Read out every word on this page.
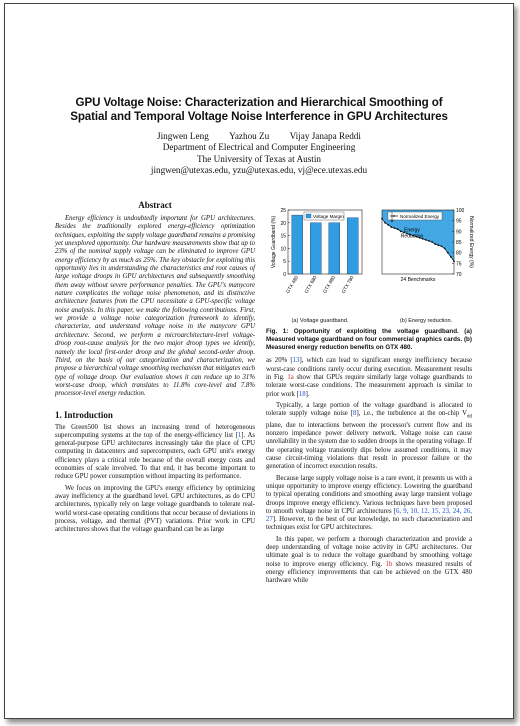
GPU Voltage Noise: Characterization and Hierarchical Smoothing of
Spatial and Temporal Voltage Noise Interference in GPU Architectures
Jingwen Leng Yazhou Zu Vijay Janapa Reddi
Department of Electrical and Computer Engineering
The University of Texas at Austin
jingwen@utexas.edu, yzu@utexas.edu, vj@ece.utexas.edu
Abstract

Energy efficiency is undoubtedly important for GPU architectures. Besides the traditionally explored energy-efficiency optimization techniques, exploiting the supply voltage guardband remains a promising yet unexplored opportunity. Our hardware measurements show that up to 23% of the nominal supply voltage can be eliminated to improve GPU energy efficiency by as much as 25%. The key obstacle for exploiting this opportunity lies in understanding the characteristics and root causes of large voltage droops in GPU architectures and subsequently smoothing them away without severe performance penalties. The GPU's manycore nature complicates the voltage noise phenomenon, and its distinctive architecture features from the CPU necessitate a GPU-specific voltage noise analysis. In this paper, we make the following contributions. First, we provide a voltage noise categorization framework to identify, characterize, and understand voltage noise in the manycore GPU architecture. Second, we perform a microarchitecture-level voltage-droop root-cause analysis for the two major droop types we identify, namely the local first-order droop and the global second-order droop. Third, on the basis of our categorization and characterization, we propose a hierarchical voltage smoothing mechanism that mitigates each type of voltage droop. Our evaluation shows it can reduce up to 31% worst-case droop, which translates to 11.8% core-level and 7.8% processor-level energy reduction.

1. Introduction

The Green500 list shows an increasing trend of heterogeneous supercomputing systems at the top of the energy-efficiency list [1]. As general-purpose GPU architectures increasingly take the place of CPU computing in datacenters and supercomputers, each GPU unit's energy efficiency plays a critical role because of the overall energy costs and economies of scale involved. To that end, it has become important to reduce GPU power consumption without impacting its performance.

We focus on improving the GPU's energy efficiency by optimizing away inefficiency at the guardband level. GPU architectures, as do CPU architectures, typically rely on large voltage guardbands to tolerate real-world worst-case operating conditions that occur because of deviations in process, voltage, and thermal (PVT) variations. Prior work in CPU architectures shows that the voltage guardband can be as large

0
5
10
15
20
25
Voltage Guardband (%)
GTX 480 GTX 680 GTX 880 GTX 780
Voltage Margin
(a) Voltage guardband.
70
75
80
85
90
95
100
Normalized Energy (%)
24 Benchmarks
Normalized Energy
Energy
Reduction
(b) Energy reduction.
Fig. 1: Opportunity of exploiting the voltage guardband. (a) Measured voltage guardband on four commercial graphics cards. (b) Measured energy reduction benefits on GTX 480.

as 20% [13], which can lead to significant energy inefficiency because worst-case conditions rarely occur during execution. Measurement results in Fig. 1a show that GPUs require similarly large voltage guardbands to tolerate worst-case conditions. The measurement approach is similar to prior work [18].

Typically, a large portion of the voltage guardband is allocated to tolerate supply voltage noise [8], i.e., the turbulence at the on-chip $V_{dd}$ plane, due to interactions between the processor's current flow and its nonzero impedance power delivery network. Voltage noise can cause unreliability in the system due to sudden droops in the operating voltage. If the operating voltage transiently dips below assumed conditions, it may cause circuit-timing violations that result in processor failure or the generation of incorrect execution results.

Because large supply voltage noise is a rare event, it presents us with a unique opportunity to improve energy efficiency. Lowering the guardband to typical operating conditions and smoothing away large transient voltage droops improve energy efficiency. Various techniques have been proposed to smooth voltage noise in CPU architectures [6, 9, 10, 12, 15, 23, 24, 26, 27]. However, to the best of our knowledge, no such characterization and techniques exist for GPU architectures.

In this paper, we perform a thorough characterization and provide a deep understanding of voltage noise activity in GPU architectures. Our ultimate goal is to reduce the voltage guardband by smoothing voltage noise to improve energy efficiency. Fig. 1b shows measured results of energy efficiency improvements that can be achieved on the GTX 480 hardware while
